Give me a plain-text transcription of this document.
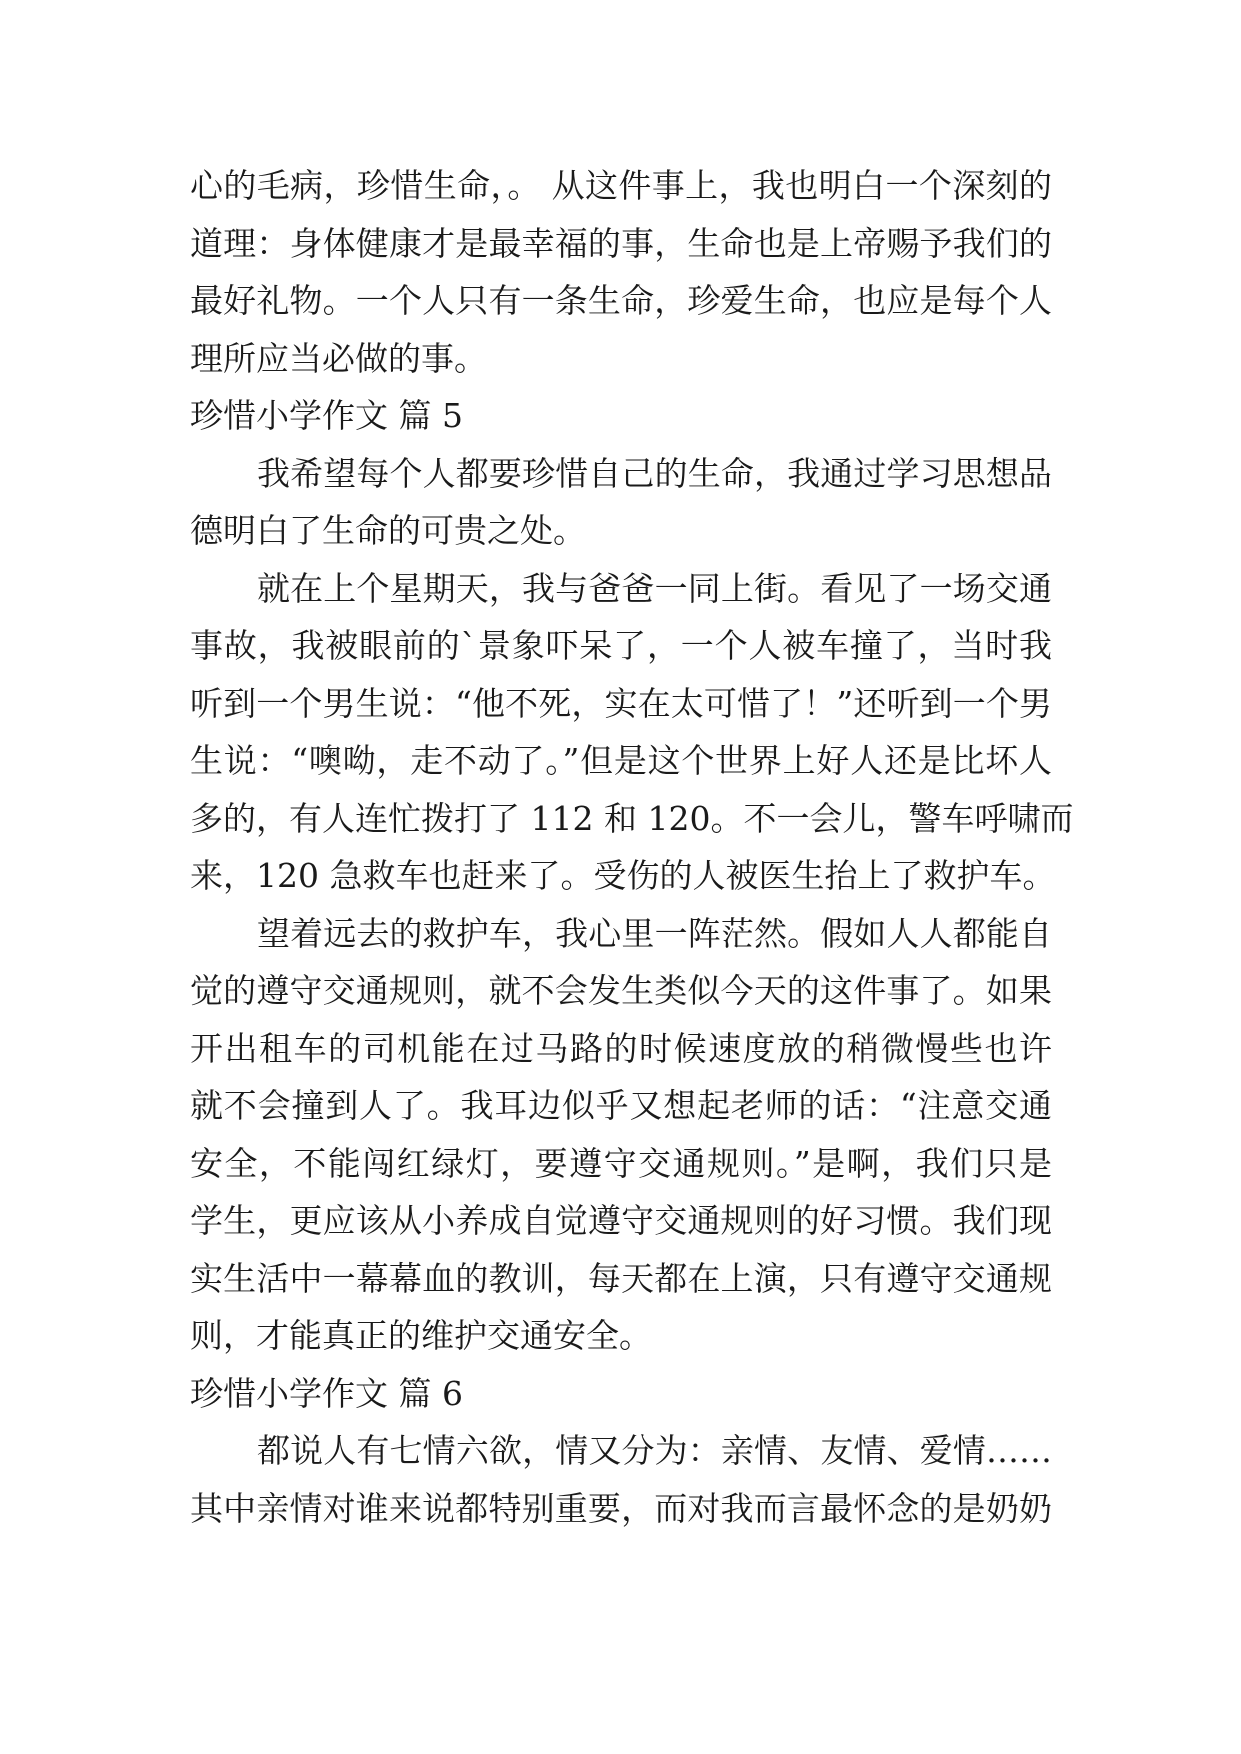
心的毛病，珍惜生命，。 从这件事上，我也明白一个深刻的
道理：身体健康才是最幸福的事，生命也是上帝赐予我们的
最好礼物。一个人只有一条生命，珍爱生命，也应是每个人
理所应当必做的事。
珍惜小学作文 篇 5
我希望每个人都要珍惜自己的生命，我通过学习思想品
德明白了生命的可贵之处。
就在上个星期天，我与爸爸一同上街。看见了一场交通
事故，我被眼前的`景象吓呆了，一个人被车撞了，当时我
听到一个男生说：“他不死，实在太可惜了！”还听到一个男
生说：“噢呦，走不动了。”但是这个世界上好人还是比坏人
多的，有人连忙拨打了 112 和 120。不一会儿，警车呼啸而
来，120 急救车也赶来了。受伤的人被医生抬上了救护车。
望着远去的救护车，我心里一阵茫然。假如人人都能自
觉的遵守交通规则，就不会发生类似今天的这件事了。如果
开出租车的司机能在过马路的时候速度放的稍微慢些也许
就不会撞到人了。我耳边似乎又想起老师的话：“注意交通
安全，不能闯红绿灯，要遵守交通规则。”是啊，我们只是
学生，更应该从小养成自觉遵守交通规则的好习惯。我们现
实生活中一幕幕血的教训，每天都在上演，只有遵守交通规
则，才能真正的维护交通安全。
珍惜小学作文 篇 6
都说人有七情六欲，情又分为：亲情、友情、爱情……
其中亲情对谁来说都特别重要，而对我而言最怀念的是奶奶
